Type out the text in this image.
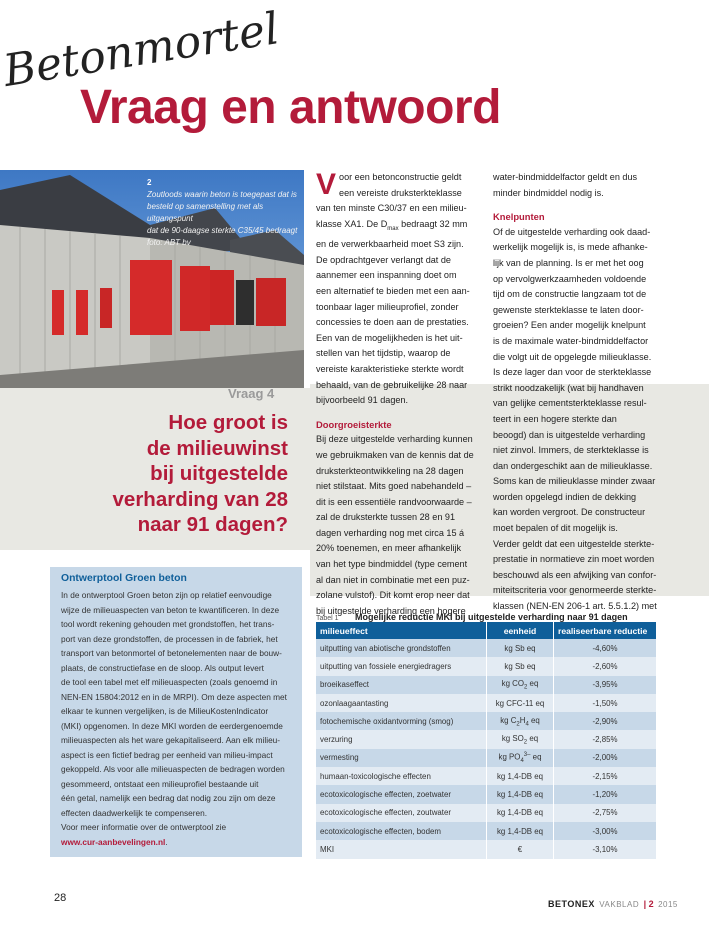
Betonmortel
Vraag en antwoord
2
Zoutloods waarin beton is toegepast dat is
besteld op samenstelling met als uitgangspunt
dat de 90-daagse sterkte C35/45 bedraagt
foto: ABT bv
Vraag 4
Hoe groot is
de milieuwinst
bij uitgestelde
verharding van 28
naar 91 dagen?
Ontwerptool Groen beton
In de ontwerptool Groen beton zijn op relatief eenvoudige
wijze de milieuaspecten van beton te kwantificeren. In deze
tool wordt rekening gehouden met grondstoffen, het trans-
port van deze grondstoffen, de processen in de fabriek, het
transport van betonmortel of betonelementen naar de bouw-
plaats, de constructiefase en de sloop. Als output levert
de tool een tabel met elf milieuaspecten (zoals genoemd in
NEN-EN 15804:2012 en in de MRPI). Om deze aspecten met
elkaar te kunnen vergelijken, is de MilieuKostenIndicator
(MKI) opgenomen. In deze MKI worden de eerdergenoemde
milieuaspecten als het ware gekapitaliseerd. Aan elk milieu-
aspect is een fictief bedrag per eenheid van milieu-impact
gekoppeld. Als voor alle milieuaspecten de bedragen worden
gesommeerd, ontstaat een milieuprofiel bestaande uit
één getal, namelijk een bedrag dat nodig zou zijn om deze
effecten daadwerkelijk te compenseren.
Voor meer informatie over de ontwerptool zie
www.cur-aanbevelingen.nl.
V oor een betonconstructie geldt
een vereiste druksterkteklasse
van ten minste C30/37 en een milieu-
klasse XA1. De $D_{max}$ bedraagt 32 mm
en de verwerkbaarheid moet S3 zijn.
De opdrachtgever verlangt dat de
aannemer een inspanning doet om
een alternatief te bieden met een aan-
toonbaar lager milieuprofiel, zonder
concessies te doen aan de prestaties.
Een van de mogelijkheden is het uit-
stellen van het tijdstip, waarop de
vereiste karakteristieke sterkte wordt
behaald, van de gebruikelijke 28 naar
bijvoorbeeld 91 dagen.
Doorgroeisterkte
Bij deze uitgestelde verharding kunnen
we gebruikmaken van de kennis dat de
druksterkteontwikkeling na 28 dagen
niet stilstaat. Mits goed nabehandeld –
dit is een essentiële randvoorwaarde –
zal de druksterkte tussen 28 en 91
dagen verharding nog met circa 15 á
20% toenemen, en meer afhankelijk
van het type bindmiddel (type cement
al dan niet in combinatie met een puz-
zolane vulstof). Dit komt erop neer dat
bij uitgestelde verharding een hogere
water-bindmiddelfactor geldt en dus
minder bindmiddel nodig is.
Knelpunten
Of de uitgestelde verharding ook daad-
werkelijk mogelijk is, is mede afhanke-
lijk van de planning. Is er met het oog
op vervolgwerkzaamheden voldoende
tijd om de constructie langzaam tot de
gewenste sterkteklasse te laten door-
groeien? Een ander mogelijk knelpunt
is de maximale water-bindmiddelfactor
die volgt uit de opgelegde milieuklasse.
Is deze lager dan voor de sterkteklasse
strikt noodzakelijk (wat bij handhaven
van gelijke cementsterkteklasse resul-
teert in een hogere sterkte dan
beoogd) dan is uitgestelde verharding
niet zinvol. Immers, de sterkteklasse is
dan ondergeschikt aan de milieuklasse.
Soms kan de milieuklasse minder zwaar
worden opgelegd indien de dekking
kan worden vergroot. De constructeur
moet bepalen of dit mogelijk is.
Verder geldt dat een uitgestelde sterkte-
prestatie in normatieve zin moet worden
beschouwd als een afwijking van confor-
miteitscriteria voor genormeerde sterkte-
klassen (NEN-EN 206-1 art. 5.5.1.2) met
Tabel 1 Mogelijke reductie MKI bij uitgestelde verharding naar 91 dagen
milieueffect	eenheid	realiseerbare reductie
uitputting van abiotische grondstoffen	kg Sb eq	-4,60%
uitputting van fossiele energiedragers	kg Sb eq	-2,60%
broeikaseffect	kg $CO_2$ eq	-3,95%
ozonlaagaantasting	kg CFC-11 eq	-1,50%
fotochemische oxidantvorming (smog)	kg $C_2H_4$ eq	-2,90%
verzuring	kg $SO_2$ eq	-2,85%
vermesting	kg $PO_4^{3-}$ eq	-2,00%
humaan-toxicologische effecten	kg 1,4-DB eq	-2,15%
ecotoxicologische effecten, zoetwater	kg 1,4-DB eq	-1,20%
ecotoxicologische effecten, zoutwater	kg 1,4-DB eq	-2,75%
ecotoxicologische effecten, bodem	kg 1,4-DB eq	-3,00%
MKI	€	-3,10%
28	BETONEX VAKBLAD | 2 2015
